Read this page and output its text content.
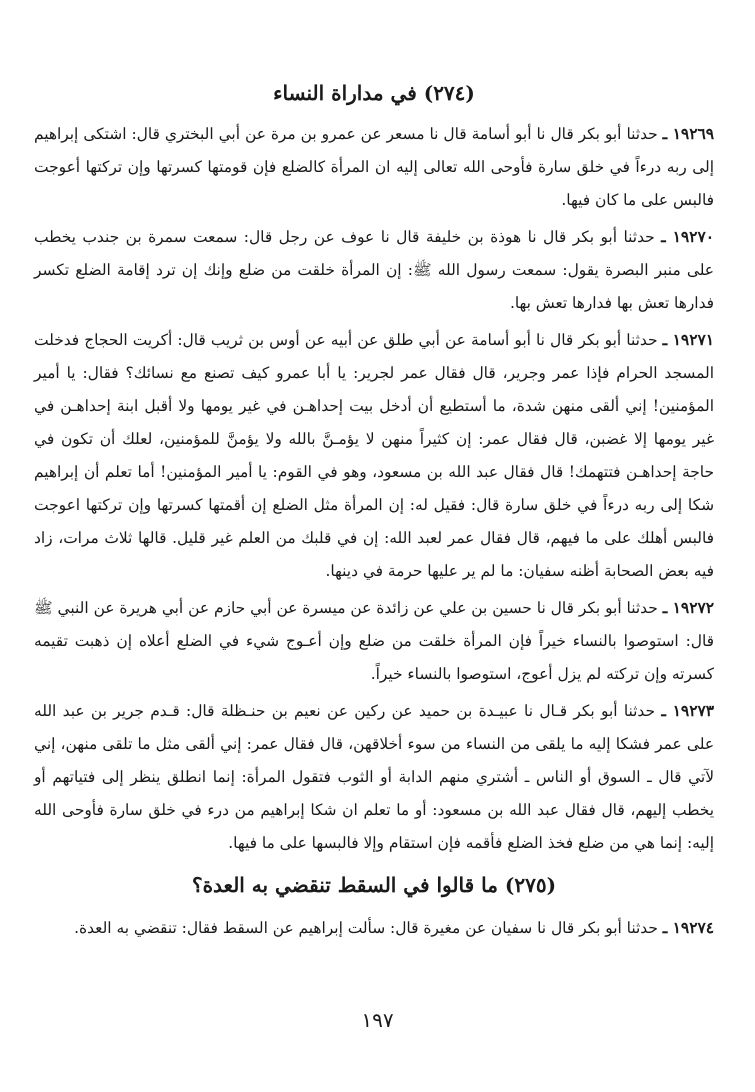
(٢٧٤) في مداراة النساء

١٩٢٦٩ ـ حدثنا أبو بكر قال نا أبو أسامة قال نا مسعر عن عمرو بن مرة عن أبي البختري قال: اشتكى إبراهيم إلى ربه درءاً في خلق سارة فأوحى الله تعالى إليه ان المرأة كالضلع فإن قومتها كسرتها وإن تركتها أعوجت فالبس على ما كان فيها.

١٩٢٧٠ ـ حدثنا أبو بكر قال نا هوذة بن خليفة قال نا عوف عن رجل قال: سمعت سمرة بن جندب يخطب على منبر البصرة يقول: سمعت رسول الله ﷺ: إن المرأة خلقت من ضلع وإنك إن ترد إقامة الضلع تكسر فدارها تعش بها فدارها تعش بها.

١٩٢٧١ ـ حدثنا أبو بكر قال نا أبو أسامة عن أبي طلق عن أبيه عن أوس بن ثريب قال: أكريت الحجاج فدخلت المسجد الحرام فإذا عمر وجرير، قال فقال عمر لجرير: يا أبا عمرو كيف تصنع مع نسائك؟ فقال: يا أمير المؤمنين! إني ألقى منهن شدة، ما أستطيع أن أدخل بيت إحداهـن في غير يومها ولا أقبل ابنة إحداهـن في غير يومها إلا غضبن، قال فقال عمر: إن كثيراً منهن لا يؤمـنَّ بالله ولا يؤمنَّ للمؤمنين، لعلك أن تكون في حاجة إحداهـن فتتهمك! قال فقال عبد الله بن مسعود، وهو في القوم: يا أمير المؤمنين! أما تعلم أن إبراهيم شكا إلى ربه درءاً في خلق سارة قال: فقيل له: إن المرأة مثل الضلع إن أقمتها كسرتها وإن تركتها اعوجت فالبس أهلك على ما فيهم، قال فقال عمر لعبد الله: إن في قلبك من العلم غير قليل. قالها ثلاث مرات، زاد فيه بعض الصحابة أظنه سفيان: ما لم ير عليها حرمة في دينها.

١٩٢٧٢ ـ حدثنا أبو بكر قال نا حسين بن علي عن زائدة عن ميسرة عن أبي حازم عن أبي هريرة عن النبي ﷺ قال: استوصوا بالنساء خيراً فإن المرأة خلقت من ضلع وإن أعـوج شيء في الضلع أعلاه إن ذهبت تقيمه كسرته وإن تركته لم يزل أعوج، استوصوا بالنساء خيراً.

١٩٢٧٣ ـ حدثنا أبو بكر قـال نا عبيـدة بن حميد عن ركين عن نعيم بن حنـظلة قال: قـدم جرير بن عبد الله على عمر فشكا إليه ما يلقى من النساء من سوء أخلاقهن، قال فقال عمر: إني ألقى مثل ما تلقى منهن، إني لآتي قال ـ السوق أو الناس ـ أشتري منهم الدابة أو الثوب فتقول المرأة: إنما انطلق ينظر إلى فتياتهم أو يخطب إليهم، قال فقال عبد الله بن مسعود: أو ما تعلم ان شكا إبراهيم من درء في خلق سارة فأوحى الله إليه: إنما هي من ضلع فخذ الضلع فأقمه فإن استقام وإلا فالبسها على ما فيها.

(٢٧٥) ما قالوا في السقط تنقضي به العدة؟

١٩٢٧٤ ـ حدثنا أبو بكر قال نا سفيان عن مغيرة قال: سألت إبراهيم عن السقط فقال: تنقضي به العدة.

١٩٧
